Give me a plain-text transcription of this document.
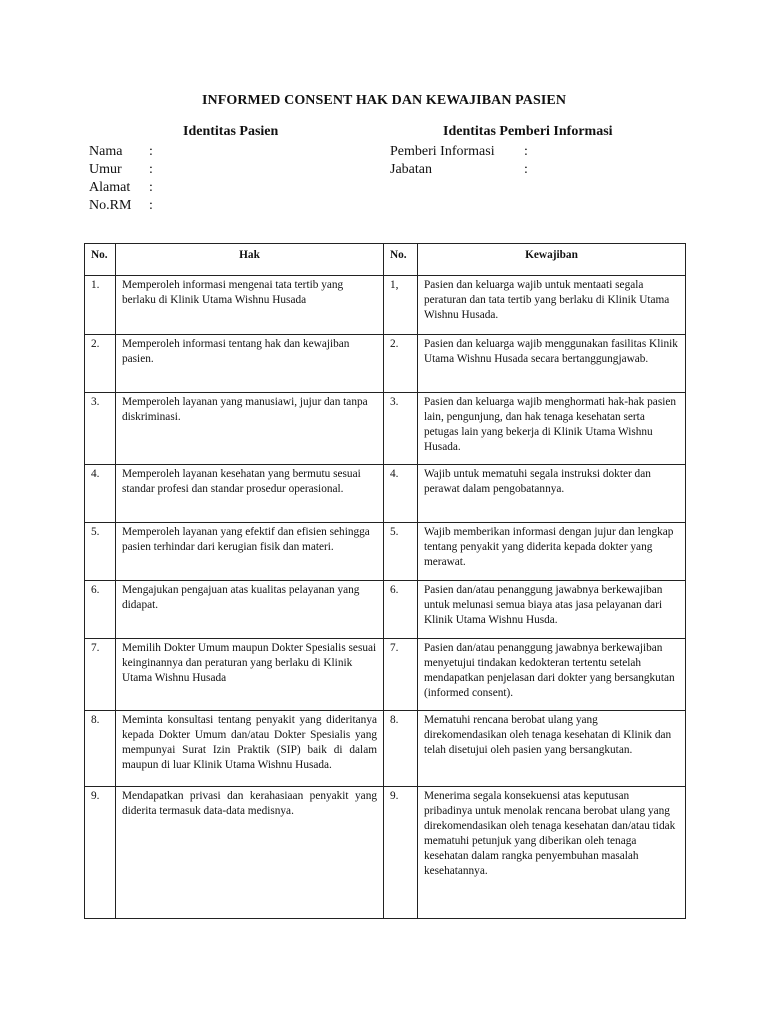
INFORMED CONSENT HAK DAN KEWAJIBAN PASIEN
Identitas Pasien	Identitas Pemberi Informasi
Nama	:
Umur	:
Alamat	:
No.RM	:
Pemberi Informasi	:
Jabatan	:
No.	Hak	No.	Kewajiban
1.	Memperoleh informasi mengenai tata tertib yang berlaku di Klinik Utama Wishnu Husada	1,	Pasien dan keluarga wajib untuk mentaati segala peraturan dan tata tertib yang berlaku di Klinik Utama Wishnu Husada.
2.	Memperoleh informasi tentang hak dan kewajiban pasien.	2.	Pasien dan keluarga wajib menggunakan fasilitas Klinik Utama Wishnu Husada secara bertanggungjawab.
3.	Memperoleh layanan yang manusiawi, jujur dan tanpa diskriminasi.	3.	Pasien dan keluarga wajib menghormati hak-hak pasien lain, pengunjung, dan hak tenaga kesehatan serta petugas lain yang bekerja di Klinik Utama Wishnu Husada.
4.	Memperoleh layanan kesehatan yang bermutu sesuai standar profesi dan standar prosedur operasional.	4.	Wajib untuk mematuhi segala instruksi dokter dan perawat dalam pengobatannya.
5.	Memperoleh layanan yang efektif dan efisien sehingga pasien terhindar dari kerugian fisik dan materi.	5.	Wajib memberikan informasi dengan jujur dan lengkap tentang penyakit yang diderita kepada dokter yang merawat.
6.	Mengajukan pengajuan atas kualitas pelayanan yang didapat.	6.	Pasien dan/atau penanggung jawabnya berkewajiban untuk melunasi semua biaya atas jasa pelayanan dari Klinik Utama Wishnu Husda.
7.	Memilih Dokter Umum maupun Dokter Spesialis sesuai keinginannya dan peraturan yang berlaku di Klinik Utama Wishnu Husada	7.	Pasien dan/atau penanggung jawabnya berkewajiban menyetujui tindakan kedokteran tertentu setelah mendapatkan penjelasan dari dokter yang bersangkutan (informed consent).
8.	Meminta konsultasi tentang penyakit yang dideritanya kepada Dokter Umum dan/atau Dokter Spesialis yang mempunyai Surat Izin Praktik (SIP) baik di dalam maupun di luar Klinik Utama Wishnu Husada.	8.	Mematuhi rencana berobat ulang yang direkomendasikan oleh tenaga kesehatan di Klinik dan telah disetujui oleh pasien yang bersangkutan.
9.	Mendapatkan privasi dan kerahasiaan penyakit yang diderita termasuk data-data medisnya.	9.	Menerima segala konsekuensi atas keputusan pribadinya untuk menolak rencana berobat ulang yang direkomendasikan oleh tenaga kesehatan dan/atau tidak mematuhi petunjuk yang diberikan oleh tenaga kesehatan dalam rangka penyembuhan masalah kesehatannya.
